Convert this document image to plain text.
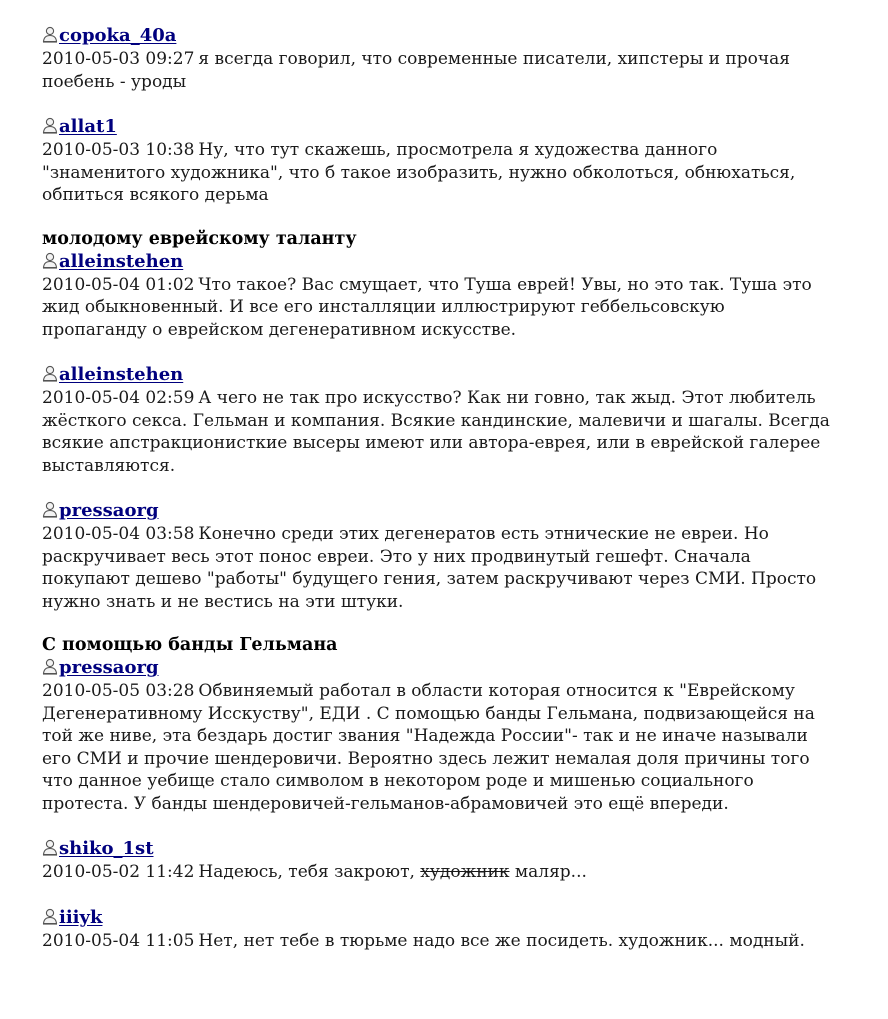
copoka_40a
2010-05-03 09:27 я всегда говорил, что современные писатели, хипстеры и прочая поебень - уроды
allat1
2010-05-03 10:38 Ну, что тут скажешь, просмотрела я художества данного "знаменитого художника", что б такое изобразить, нужно обколоться, обнюхаться, обпиться всякого дерьма
молодому еврейскому таланту
alleinstehen
2010-05-04 01:02 Что такое? Вас смущает, что Туша еврей! Увы, но это так. Туша это жид обыкновенный. И все его инсталляции иллюстрируют геббельсовскую пропаганду о еврейском дегенеративном искусстве.
alleinstehen
2010-05-04 02:59 А чего не так про искусство? Как ни говно, так жыд. Этот любитель жёсткого секса. Гельман и компания. Всякие кандинские, малевичи и шагалы. Всегда всякие апстракционисткие высеры имеют или автора-еврея, или в еврейской галерее выставляются.
pressaorg
2010-05-04 03:58 Конечно среди этих дегенератов есть этнические не евреи. Но раскручивает весь этот понос евреи. Это у них продвинутый гешефт. Сначала покупают дешево "работы" будущего гения, затем раскручивают через СМИ. Просто нужно знать и не вестись на эти штуки.
С помощью банды Гельмана
pressaorg
2010-05-05 03:28 Обвиняемый работал в области которая относится к "Еврейскому Дегенеративному Исскуству", ЕДИ . С помощью банды Гельмана, подвизающейся на той же ниве, эта бездарь достиг звания "Надежда России"- так и не иначе называли его СМИ и прочие шендеровичи. Вероятно здесь лежит немалая доля причины того что данное уебище стало символом в некотором роде и мишенью социального протеста. У банды шендеровичей-гельманов-абрамовичей это ещё впереди.
shiko_1st
2010-05-02 11:42 Надеюсь, тебя закроют, художник маляр...
iiiyk
2010-05-04 11:05 Нет, нет тебе в тюрьме надо все же посидеть. художник... модный.
